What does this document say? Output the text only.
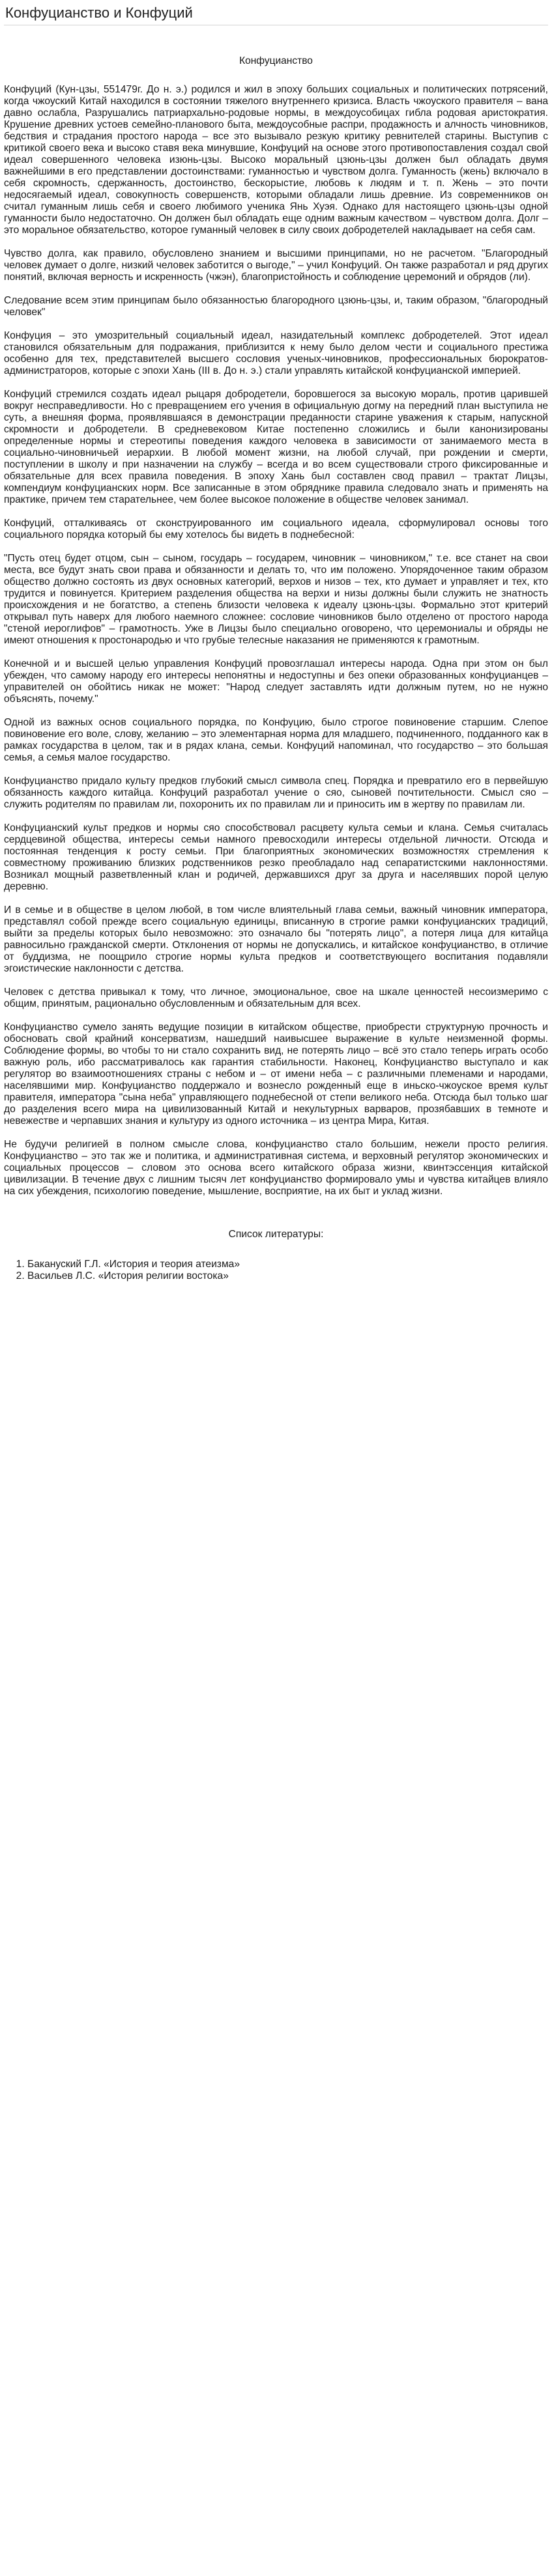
Конфуцианство и Конфуций
Конфуцианство

Конфуций (Кун-цзы, 551479г. До н. э.) родился и жил в эпоху больших социальных и политических потрясений, когда чжоуский Китай находился в состоянии тяжелого внутреннего кризиса. Власть чжоуского правителя – вана давно ослабла, Разрушались патриархально-родовые нормы, в междоусобицах гибла родовая аристократия. Крушение древних устоев семейно-планового быта, междоусобные распри, продажность и алчность чиновников, бедствия и страдания простого народа – все это вызывало резкую критику ревнителей старины. Выступив с критикой своего века и высоко ставя века минувшие, Конфуций на основе этого противопоставления создал свой идеал совершенного человека изюнь-цзы. Высоко моральный цзюнь-цзы должен был обладать двумя важнейшими в его представлении достоинствами: гуманностью и чувством долга. Гуманность (жень) включало в себя скромность, сдержанность, достоинство, бескорыстие, любовь к людям и т. п. Жень – это почти недосягаемый идеал, совокупность совершенств, которыми обладали лишь древние. Из современников он считал гуманным лишь себя и своего любимого ученика Янь Хуэя. Однако для настоящего цзюнь-цзы одной гуманности было недостаточно. Он должен был обладать еще одним важным качеством – чувством долга. Долг – это моральное обязательство, которое гуманный человек в силу своих добродетелей накладывает на себя сам.

Чувство долга, как правило, обусловлено знанием и высшими принципами, но не расчетом. "Благородный человек думает о долге, низкий человек заботится о выгоде," – учил Конфуций. Он также разработал и ряд других понятий, включая верность и искренность (чжэн), благопристойность и соблюдение церемоний и обрядов (ли).

Следование всем этим принципам было обязанностью благородного цзюнь-цзы, и, таким образом, "благородный человек"

Конфуция – это умозрительный социальный идеал, назидательный комплекс добродетелей. Этот идеал становился обязательным для подражания, приблизится к нему было делом чести и социального престижа особенно для тех, представителей высшего сословия ученых-чиновников, профессиональных бюрократов-администраторов, которые с эпохи Хань (III в. До н. э.) стали управлять китайской конфуцианской империей.

Конфуций стремился создать идеал рыцаря добродетели, боровшегося за высокую мораль, против царившей вокруг несправедливости. Но с превращением его учения в официальную догму на передний план выступила не суть, а внешняя форма, проявлявшаяся в демонстрации преданности старине уважения к старым, напускной скромности и добродетели. В средневековом Китае постепенно сложились и были канонизированы определенные нормы и стереотипы поведения каждого человека в зависимости от занимаемого места в социально-чиновничьей иерархии. В любой момент жизни, на любой случай, при рождении и смерти, поступлении в школу и при назначении на службу – всегда и во всем существовали строго фиксированные и обязательные для всех правила поведения. В эпоху Хань был составлен свод правил – трактат Лицзы, компендиум конфуцианских норм. Все записанные в этом обряднике правила следовало знать и применять на практике, причем тем старательнее, чем более высокое положение в обществе человек занимал.

Конфуций, отталкиваясь от сконструированного им социального идеала, сформулировал основы того социального порядка который бы ему хотелось бы видеть в поднебесной:

"Пусть отец будет отцом, сын – сыном, государь – государем, чиновник – чиновником," т.е. все станет на свои места, все будут знать свои права и обязанности и делать то, что им положено. Упорядоченное таким образом общество должно состоять из двух основных категорий, верхов и низов – тех, кто думает и управляет и тех, кто трудится и повинуется. Критерием разделения общества на верхи и низы должны были служить не знатность происхождения и не богатство, а степень близости человека к идеалу цзюнь-цзы. Формально этот критерий открывал путь наверх для любого наемного сложнее: сословие чиновников было отделено от простого народа "стеной иероглифов" – грамотность. Уже в Лицзы было специально оговорено, что церемониалы и обряды не имеют отношения к простонародью и что грубые телесные наказания не применяются к грамотным.

Конечной и и высшей целью управления Конфуций провозглашал интересы народа. Одна при этом он был убежден, что самому народу его интересы непонятны и недоступны и без опеки образованных конфуцианцев – управителей он обойтись никак не может: "Народ следует заставлять идти должным путем, но не нужно объяснять, почему."

Одной из важных основ социального порядка, по Конфуцию, было строгое повиновение старшим. Слепое повиновение его воле, слову, желанию – это элементарная норма для младшего, подчиненного, подданного как в рамках государства в целом, так и в рядах клана, семьи. Конфуций напоминал, что государство – это большая семья, а семья малое государство.

Конфуцианство придало культу предков глубокий смысл символа спец. Порядка и превратило его в первейшую обязанность каждого китайца. Конфуций разработал учение о сяо, сыновей почтительности. Смысл сяо – служить родителям по правилам ли, похоронить их по правилам ли и приносить им в жертву по правилам ли.

Конфуцианский культ предков и нормы сяо способствовал расцвету культа семьи и клана. Семья считалась сердцевиной общества, интересы семьи намного превосходили интересы отдельной личности. Отсюда и постоянная тенденция к росту семьи. При благоприятных экономических возможностях стремления к совместному проживанию близких родственников резко преобладало над сепаратистскими наклонностями. Возникал мощный разветвленный клан и родичей, державшихся друг за друга и населявших порой целую деревню.

И в семье и в обществе в целом любой, в том числе влиятельный глава семьи, важный чиновник императора, представлял собой прежде всего социальную единицы, вписанную в строгие рамки конфуцианских традиций, выйти за пределы которых было невозможно: это означало бы "потерять лицо", а потеря лица для китайца равносильно гражданской смерти. Отклонения от нормы не допускались, и китайское конфуцианство, в отличие от буддизма, не поощрило строгие нормы культа предков и соответствующего воспитания подавляли эгоистические наклонности с детства.

Человек с детства привыкал к тому, что личное, эмоциональное, свое на шкале ценностей несоизмеримо с общим, принятым, рационально обусловленным и обязательным для всех.

Конфуцианство сумело занять ведущие позиции в китайском обществе, приобрести структурную прочность и обосновать свой крайний консерватизм, нашедший наивысшее выражение в культе неизменной формы. Соблюдение формы, во чтобы то ни стало сохранить вид, не потерять лицо – всё это стало теперь играть особо важную роль, ибо рассматривалось как гарантия стабильности. Наконец, Конфуцианство выступало и как регулятор во взаимоотношениях страны с небом и – от имени неба – с различными племенами и народами, населявшими мир. Конфуцианство поддержало и вознесло рожденный еще в иньско-чжоуское время культ правителя, императора "сына неба" управляющего поднебесной от степи великого неба. Отсюда был только шаг до разделения всего мира на цивилизованный Китай и некультурных варваров, прозябавших в темноте и невежестве и черпавших знания и культуру из одного источника – из центра Мира, Китая.

Не будучи религией в полном смысле слова, конфуцианство стало большим, нежели просто религия. Конфуцианство – это так же и политика, и административная система, и верховный регулятор экономических и социальных процессов – словом это основа всего китайского образа жизни, квинтэссенция китайской цивилизации. В течение двух с лишним тысяч лет конфуцианство формировало умы и чувства китайцев влияло на сих убеждения, психологию поведение, мышление, восприятие, на их быт и уклад жизни.

Список литературы:
1. Бакануский Г.Л. «История и теория атеизма»
2. Васильев Л.С. «История религии востока»
